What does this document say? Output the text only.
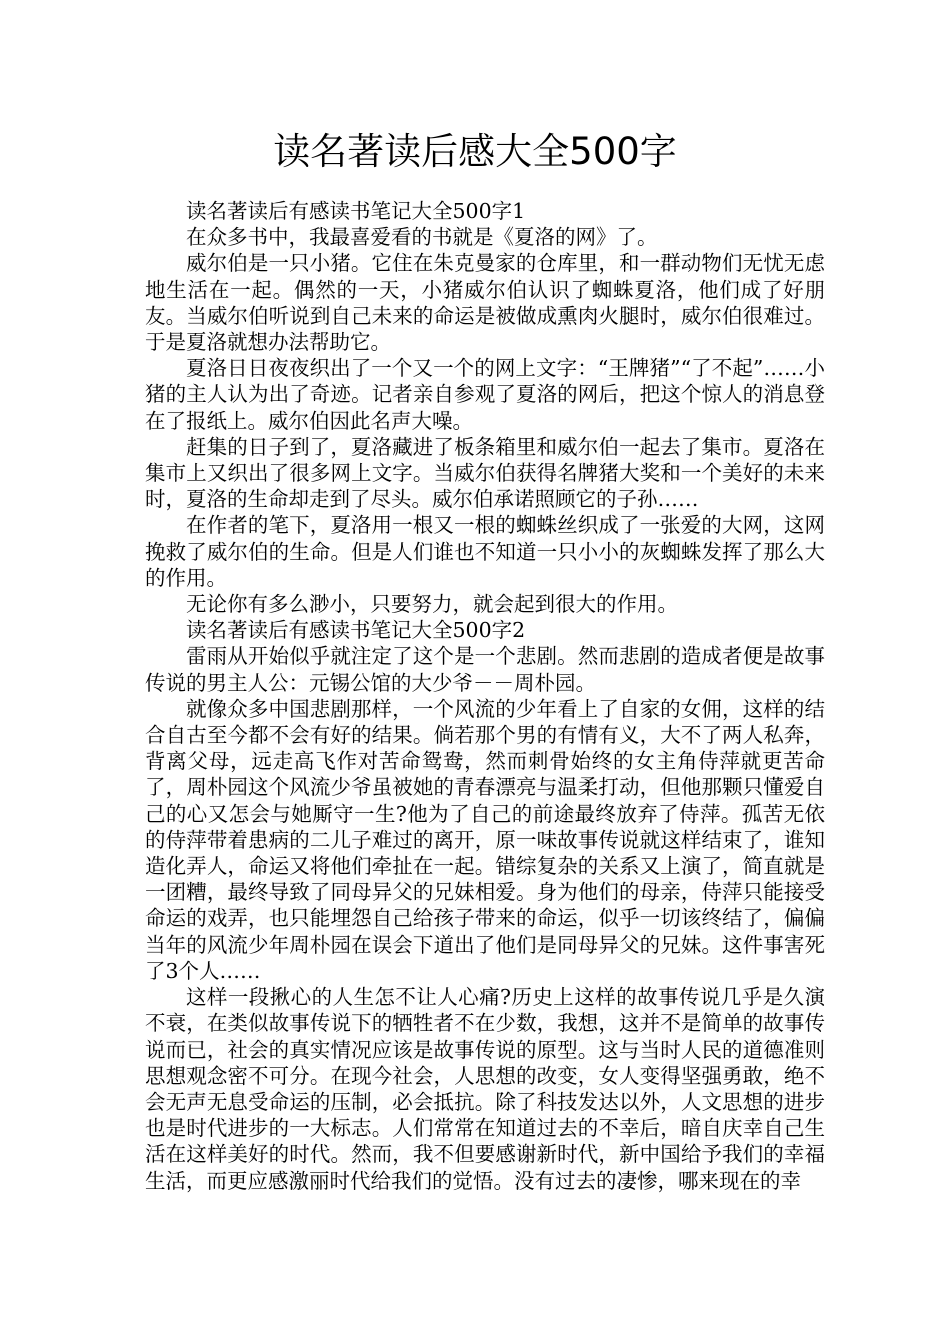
读名著读后感大全500字

读名著读后有感读书笔记大全500字1

在众多书中，我最喜爱看的书就是《夏洛的网》了。

威尔伯是一只小猪。它住在朱克曼家的仓库里，和一群动物们无忧无虑地生活在一起。偶然的一天，小猪威尔伯认识了蜘蛛夏洛，他们成了好朋友。当威尔伯听说到自己未来的命运是被做成熏肉火腿时，威尔伯很难过。于是夏洛就想办法帮助它。

夏洛日日夜夜织出了一个又一个的网上文字：“王牌猪”“了不起”……小猪的主人认为出了奇迹。记者亲自参观了夏洛的网后，把这个惊人的消息登在了报纸上。威尔伯因此名声大噪。

赶集的日子到了，夏洛藏进了板条箱里和威尔伯一起去了集市。夏洛在集市上又织出了很多网上文字。当威尔伯获得名牌猪大奖和一个美好的未来时，夏洛的生命却走到了尽头。威尔伯承诺照顾它的子孙……

在作者的笔下，夏洛用一根又一根的蜘蛛丝织成了一张爱的大网，这网挽救了威尔伯的生命。但是人们谁也不知道一只小小的灰蜘蛛发挥了那么大的作用。

无论你有多么渺小，只要努力，就会起到很大的作用。

读名著读后有感读书笔记大全500字2

雷雨从开始似乎就注定了这个是一个悲剧。然而悲剧的造成者便是故事传说的男主人公：元锡公馆的大少爷－－周朴园。

就像众多中国悲剧那样，一个风流的少年看上了自家的女佣，这样的结合自古至今都不会有好的结果。倘若那个男的有情有义，大不了两人私奔，背离父母，远走高飞作对苦命鸳鸯，然而刺骨始终的女主角侍萍就更苦命了，周朴园这个风流少爷虽被她的青春漂亮与温柔打动，但他那颗只懂爱自己的心又怎会与她厮守一生?他为了自己的前途最终放弃了侍萍。孤苦无依的侍萍带着患病的二儿子难过的离开，原一味故事传说就这样结束了，谁知造化弄人，命运又将他们牵扯在一起。错综复杂的关系又上演了，简直就是一团糟，最终导致了同母异父的兄妹相爱。身为他们的母亲，侍萍只能接受命运的戏弄，也只能埋怨自己给孩子带来的命运，似乎一切该终结了，偏偏当年的风流少年周朴园在误会下道出了他们是同母异父的兄妹。这件事害死了3个人……

这样一段揪心的人生怎不让人心痛?历史上这样的故事传说几乎是久演不衰，在类似故事传说下的牺牲者不在少数，我想，这并不是简单的故事传说而已，社会的真实情况应该是故事传说的原型。这与当时人民的道德准则思想观念密不可分。在现今社会，人思想的改变，女人变得坚强勇敢，绝不会无声无息受命运的压制，必会抵抗。除了科技发达以外，人文思想的进步也是时代进步的一大标志。人们常常在知道过去的不幸后，暗自庆幸自己生活在这样美好的时代。然而，我不但要感谢新时代，新中国给予我们的幸福生活，而更应感激丽时代给我们的觉悟。没有过去的凄惨，哪来现在的幸
